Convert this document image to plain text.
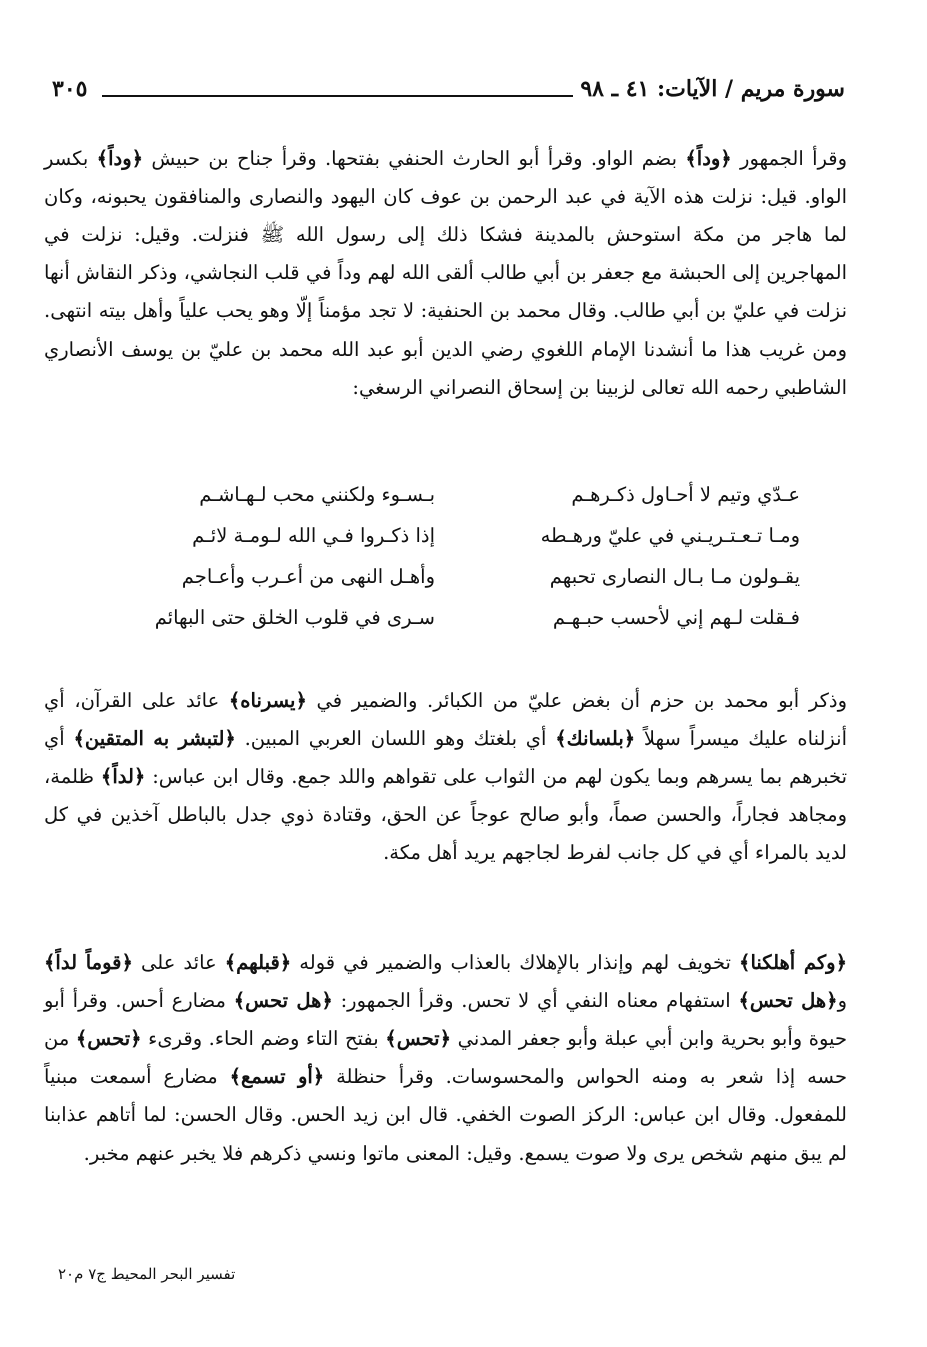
سورة مريم / الآيات: ٤١ ـ ٩٨
٣٠٥

وقرأ الجمهور ﴿وداً﴾ بضم الواو. وقرأ أبو الحارث الحنفي بفتحها. وقرأ جناح بن حبيش ﴿وداً﴾ بكسر الواو. قيل: نزلت هذه الآية في عبد الرحمن بن عوف كان اليهود والنصارى والمنافقون يحبونه، وكان لما هاجر من مكة استوحش بالمدينة فشكا ذلك إلى رسول الله ﷺ فنزلت. وقيل: نزلت في المهاجرين إلى الحبشة مع جعفر بن أبي طالب ألقى الله لهم وداً في قلب النجاشي، وذكر النقاش أنها نزلت في عليّ بن أبي طالب. وقال محمد بن الحنفية: لا تجد مؤمناً إلّا وهو يحب علياً وأهل بيته انتهى. ومن غريب هذا ما أنشدنا الإمام اللغوي رضي الدين أبو عبد الله محمد بن عليّ بن يوسف الأنصاري الشاطبي رحمه الله تعالى لزبينا بن إسحاق النصراني الرسغي:

عـدّي وتيم لا أحـاول ذكـرهـم
بـسـوء ولكنني محب لـهـاشـم
ومـا تـعـتـريـني في عليّ ورهـطه
إذا ذكـروا فـي الله لـومـة لائـم
يقـولون مـا بـال النصارى تحبهم
وأهـل النهى من أعـرب وأعـاجم
فـقلت لـهم إني لأحسب حبـهـم
سـرى في قلوب الخلق حتى البهائم

وذكر أبو محمد بن حزم أن بغض عليّ من الكبائر. والضمير في ﴿يسرناه﴾ عائد على القرآن، أي أنزلناه عليك ميسراً سهلاً ﴿بلسانك﴾ أي بلغتك وهو اللسان العربي المبين. ﴿لتبشر به المتقين﴾ أي تخبرهم بما يسرهم وبما يكون لهم من الثواب على تقواهم واللد جمع. وقال ابن عباس: ﴿لداً﴾ ظلمة، ومجاهد فجاراً، والحسن صماً، وأبو صالح عوجاً عن الحق، وقتادة ذوي جدل بالباطل آخذين في كل لديد بالمراء أي في كل جانب لفرط لجاجهم يريد أهل مكة.

﴿وكم أهلكنا﴾ تخويف لهم وإنذار بالإهلاك بالعذاب والضمير في قوله ﴿قبلهم﴾ عائد على ﴿قوماً لداً﴾ و﴿هل تحس﴾ استفهام معناه النفي أي لا تحس. وقرأ الجمهور: ﴿هل تحس﴾ مضارع أحس. وقرأ أبو حيوة وأبو بحرية وابن أبي عبلة وأبو جعفر المدني ﴿تحس﴾ بفتح التاء وضم الحاء. وقرىء ﴿تحس﴾ من حسه إذا شعر به ومنه الحواس والمحسوسات. وقرأ حنظلة ﴿أو تسمع﴾ مضارع أسمعت مبنياً للمفعول. وقال ابن عباس: الركز الصوت الخفي. قال ابن زيد الحس. وقال الحسن: لما أتاهم عذابنا لم يبق منهم شخص يرى ولا صوت يسمع. وقيل: المعنى ماتوا ونسي ذكرهم فلا يخبر عنهم مخبر.

تفسير البحر المحيط ج٧ م٢٠
